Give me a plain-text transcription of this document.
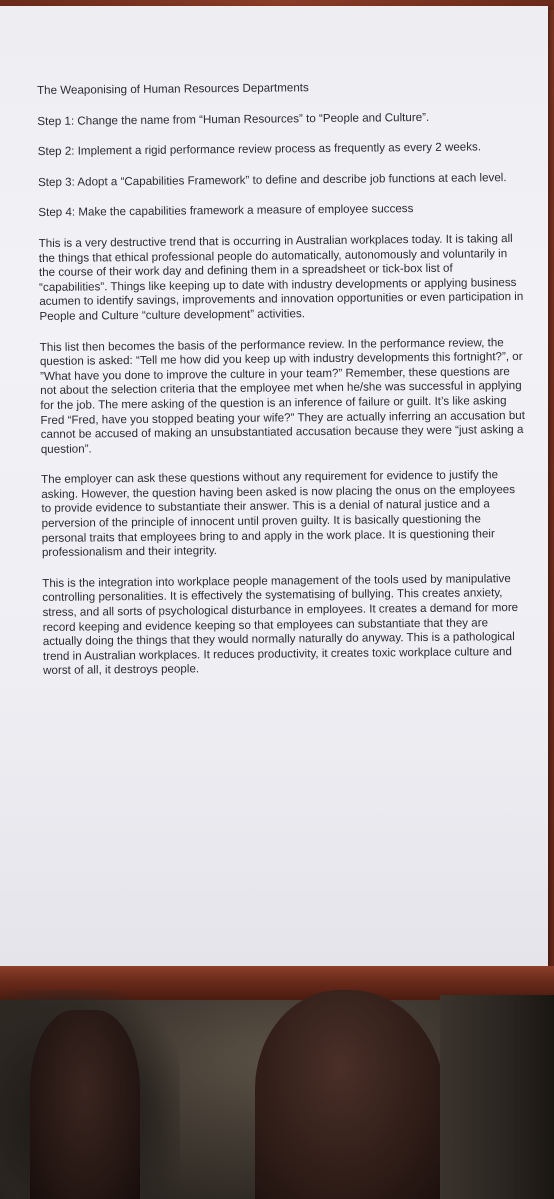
The Weaponising of Human Resources Departments

Step 1: Change the name from “Human Resources” to “People and Culture”.

Step 2: Implement a rigid performance review process as frequently as every 2 weeks.

Step 3: Adopt a “Capabilities Framework” to define and describe job functions at each level.

Step 4: Make the capabilities framework a measure of employee success

This is a very destructive trend that is occurring in Australian workplaces today. It is taking all the things that ethical professional people do automatically, autonomously and voluntarily in the course of their work day and defining them in a spreadsheet or tick-box list of “capabilities”. Things like keeping up to date with industry developments or applying business acumen to identify savings, improvements and innovation opportunities or even participation in People and Culture “culture development” activities.

This list then becomes the basis of the performance review. In the performance review, the question is asked: “Tell me how did you keep up with industry developments this fortnight?”, or ”What have you done to improve the culture in your team?” Remember, these questions are not about the selection criteria that the employee met when he/she was successful in applying for the job. The mere asking of the question is an inference of failure or guilt. It’s like asking Fred “Fred, have you stopped beating your wife?” They are actually inferring an accusation but cannot be accused of making an unsubstantiated accusation because they were “just asking a question”.

The employer can ask these questions without any requirement for evidence to justify the asking. However, the question having been asked is now placing the onus on the employees to provide evidence to substantiate their answer. This is a denial of natural justice and a perversion of the principle of innocent until proven guilty. It is basically questioning the personal traits that employees bring to and apply in the work place. It is questioning their professionalism and their integrity.

This is the integration into workplace people management of the tools used by manipulative controlling personalities. It is effectively the systematising of bullying. This creates anxiety, stress, and all sorts of psychological disturbance in employees. It creates a demand for more record keeping and evidence keeping so that employees can substantiate that they are actually doing the things that they would normally naturally do anyway. This is a pathological trend in Australian workplaces. It reduces productivity, it creates toxic workplace culture and worst of all, it destroys people.
